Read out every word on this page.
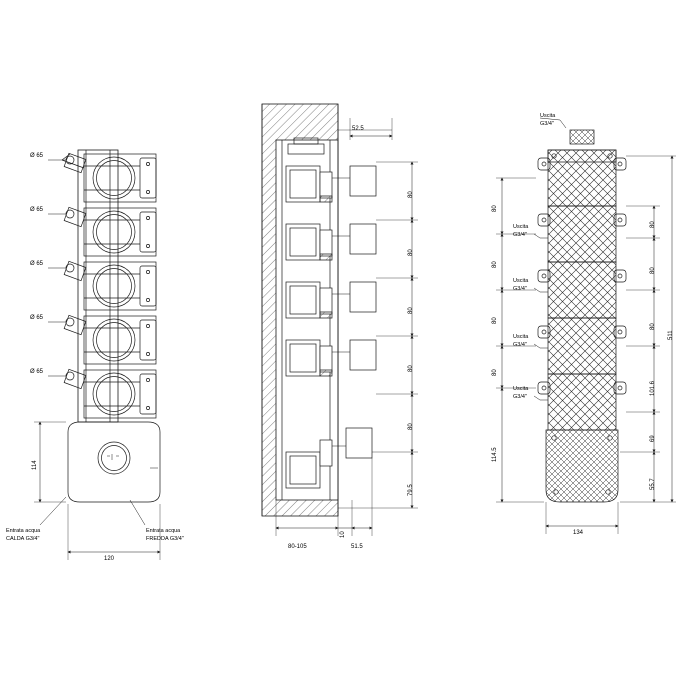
Ø 65
Ø 65
Ø 65
Ø 65
Ø 65
114
120
Entrata acqua
CALDA G3/4"
Entrata acqua
FREDDA G3/4"
52.5
80
80
80
80
80
79.5
80-105
10
51.5
Uscita
G3/4"
Uscita
G3/4"
Uscita
G3/4"
Uscita
G3/4"
Uscita
G3/4"
80
80
80
80
114.5
80
80
80
101.6
69
55.7
511
134
